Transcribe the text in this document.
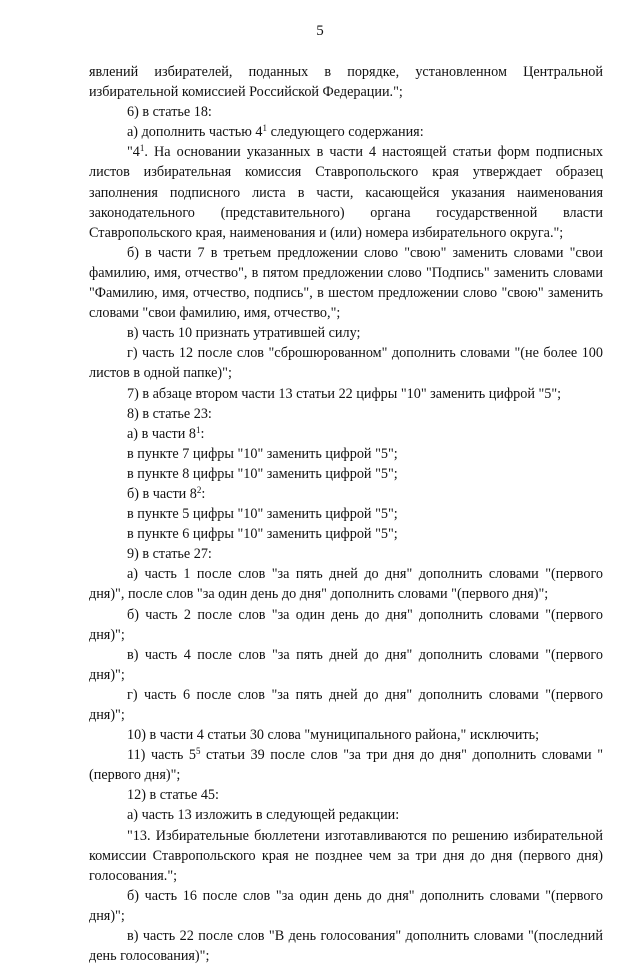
5

явлений избирателей, поданных в порядке, установленном Центральной избирательной комиссией Российской Федерации.";

6) в статье 18:

а) дополнить частью $4^1$ следующего содержания:

"$4^1$. На основании указанных в части 4 настоящей статьи форм подписных листов избирательная комиссия Ставропольского края утверждает образец заполнения подписного листа в части, касающейся указания наименования законодательного (представительного) органа государственной власти Ставропольского края, наименования и (или) номера избирательного округа.";

б) в части 7 в третьем предложении слово "свою" заменить словами "свои фамилию, имя, отчество", в пятом предложении слово "Подпись" заменить словами "Фамилию, имя, отчество, подпись", в шестом предложении слово "свою" заменить словами "свои фамилию, имя, отчество,";

в) часть 10 признать утратившей силу;

г) часть 12 после слов "сброшюрованном" дополнить словами "(не более 100 листов в одной папке)";

7) в абзаце втором части 13 статьи 22 цифры "10" заменить цифрой "5";

8) в статье 23:

а) в части $8^1$:

в пункте 7 цифры "10" заменить цифрой "5";

в пункте 8 цифры "10" заменить цифрой "5";

б) в части $8^2$:

в пункте 5 цифры "10" заменить цифрой "5";

в пункте 6 цифры "10" заменить цифрой "5";

9) в статье 27:

а) часть 1 после слов "за пять дней до дня" дополнить словами "(первого дня)", после слов "за один день до дня" дополнить словами "(первого дня)";

б) часть 2 после слов "за один день до дня" дополнить словами "(первого дня)";

в) часть 4 после слов "за пять дней до дня" дополнить словами "(первого дня)";

г) часть 6 после слов "за пять дней до дня" дополнить словами "(первого дня)";

10) в части 4 статьи 30 слова "муниципального района," исключить;

11) часть $5^5$ статьи 39 после слов "за три дня до дня" дополнить словами "(первого дня)";

12) в статье 45:

а) часть 13 изложить в следующей редакции:

"13. Избирательные бюллетени изготавливаются по решению избирательной комиссии Ставропольского края не позднее чем за три дня до дня (первого дня) голосования.";

б) часть 16 после слов "за один день до дня" дополнить словами "(первого дня)";

в) часть 22 после слов "В день голосования" дополнить словами "(последний день голосования)";
